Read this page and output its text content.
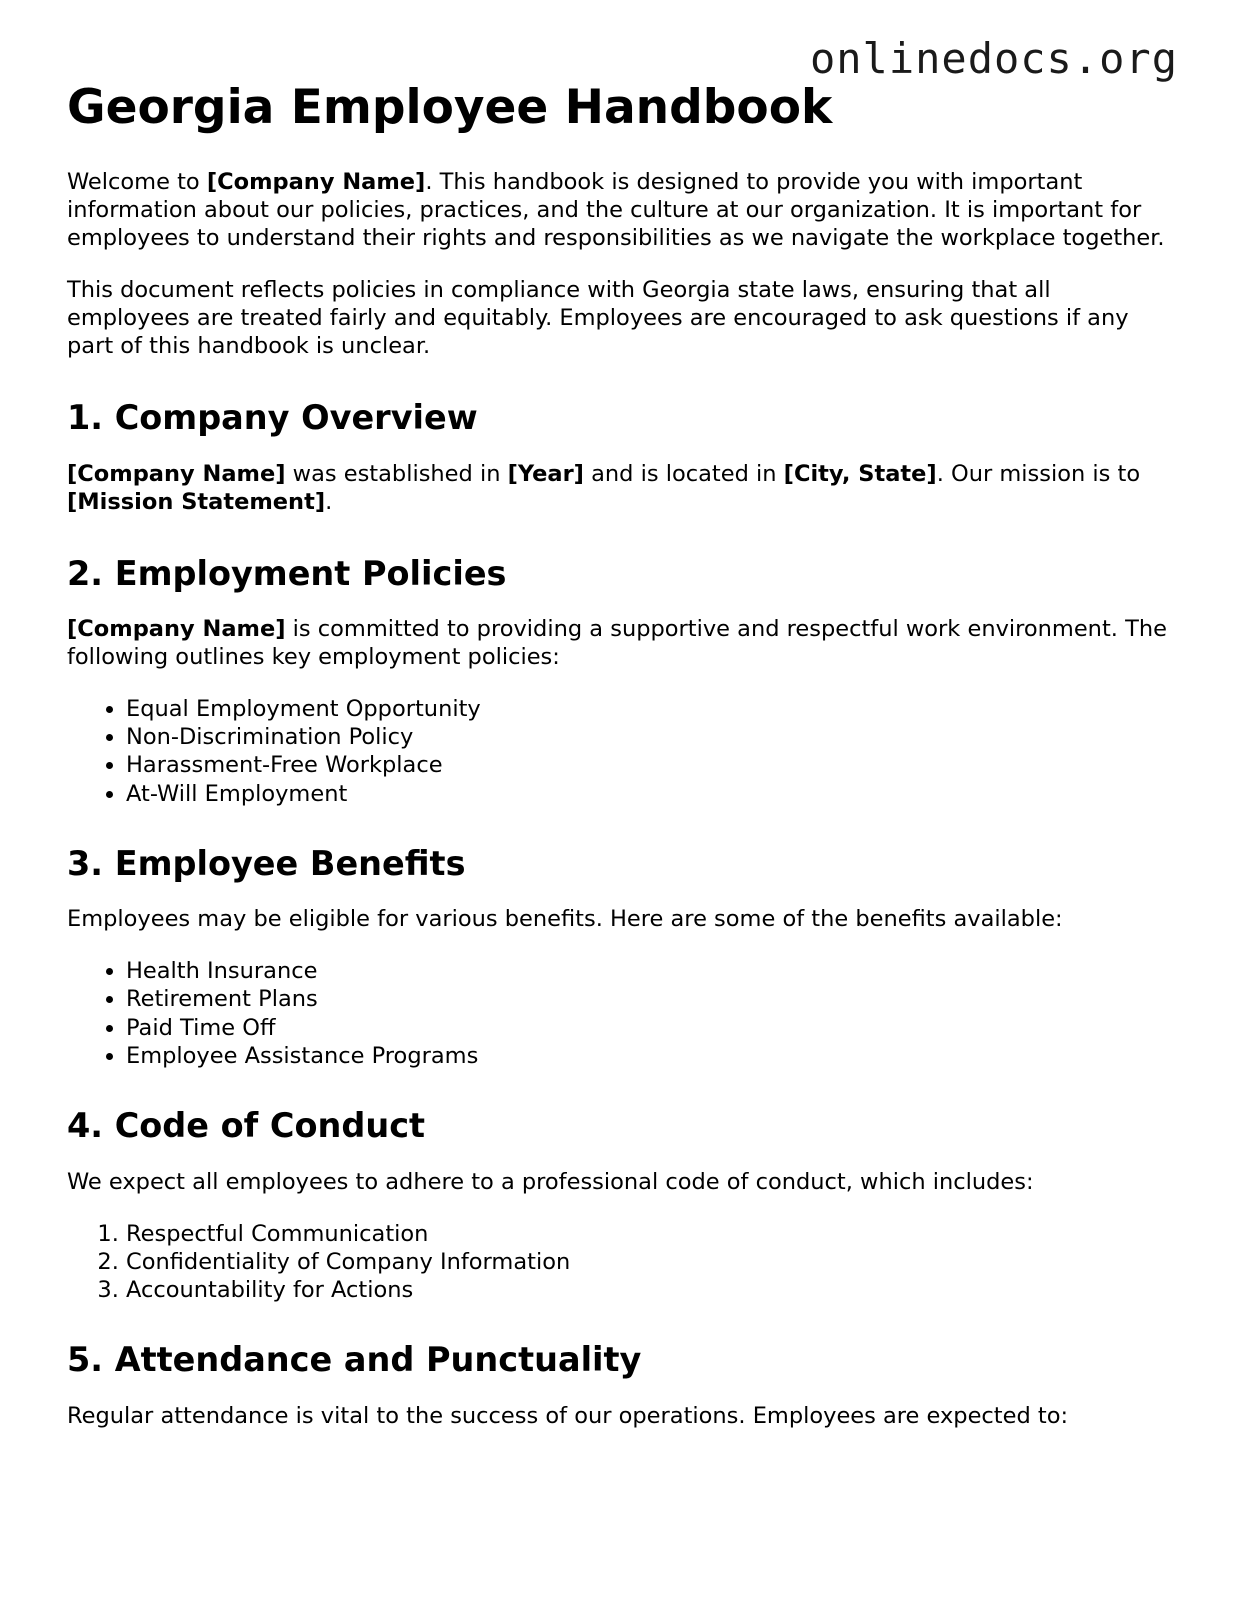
onlinedocs.org
Georgia Employee Handbook

Welcome to [Company Name]. This handbook is designed to provide you with important information about our policies, practices, and the culture at our organization. It is important for employees to understand their rights and responsibilities as we navigate the workplace together.

This document reflects policies in compliance with Georgia state laws, ensuring that all employees are treated fairly and equitably. Employees are encouraged to ask questions if any part of this handbook is unclear.

1. Company Overview

[Company Name] was established in [Year] and is located in [City, State]. Our mission is to [Mission Statement].

2. Employment Policies

[Company Name] is committed to providing a supportive and respectful work environment. The following outlines key employment policies:

• Equal Employment Opportunity
• Non-Discrimination Policy
• Harassment-Free Workplace
• At-Will Employment
3. Employee Benefits

Employees may be eligible for various benefits. Here are some of the benefits available:

• Health Insurance
• Retirement Plans
• Paid Time Off
• Employee Assistance Programs
4. Code of Conduct

We expect all employees to adhere to a professional code of conduct, which includes:

1. Respectful Communication
2. Confidentiality of Company Information
3. Accountability for Actions
5. Attendance and Punctuality

Regular attendance is vital to the success of our operations. Employees are expected to:
